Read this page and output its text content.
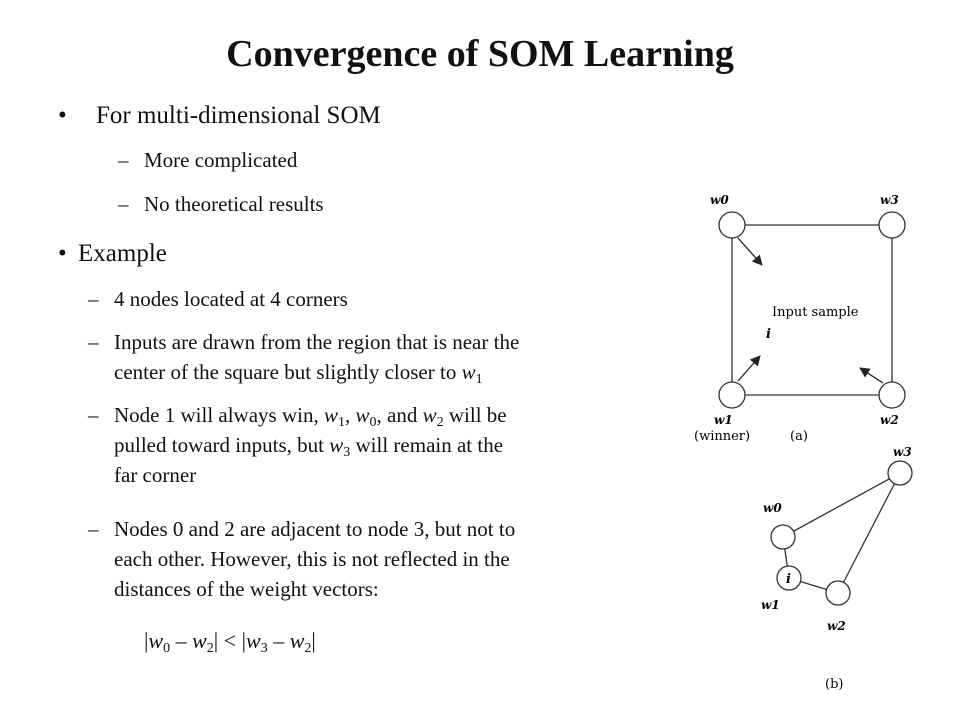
Convergence of SOM Learning
•	For multi-dimensional SOM
– More complicated
– No theoretical results
• Example
– 4 nodes located at 4 corners
– Inputs are drawn from the region that is near the
center of the square but slightly closer to $w_1$
– Node 1 will always win, $w_1$, $w_0$, and $w_2$ will be
pulled toward inputs, but $w_3$ will remain at the
far corner
– Nodes 0 and 2 are adjacent to node 3, but not to
each other. However, this is not reflected in the
distances of the weight vectors:
$|w_0 - w_2| < |w_3 - w_2|$
w0	w3
Input sample
i
w1
(winner)	(a)
w2
w3
w0
i
w1
w2
(b)
